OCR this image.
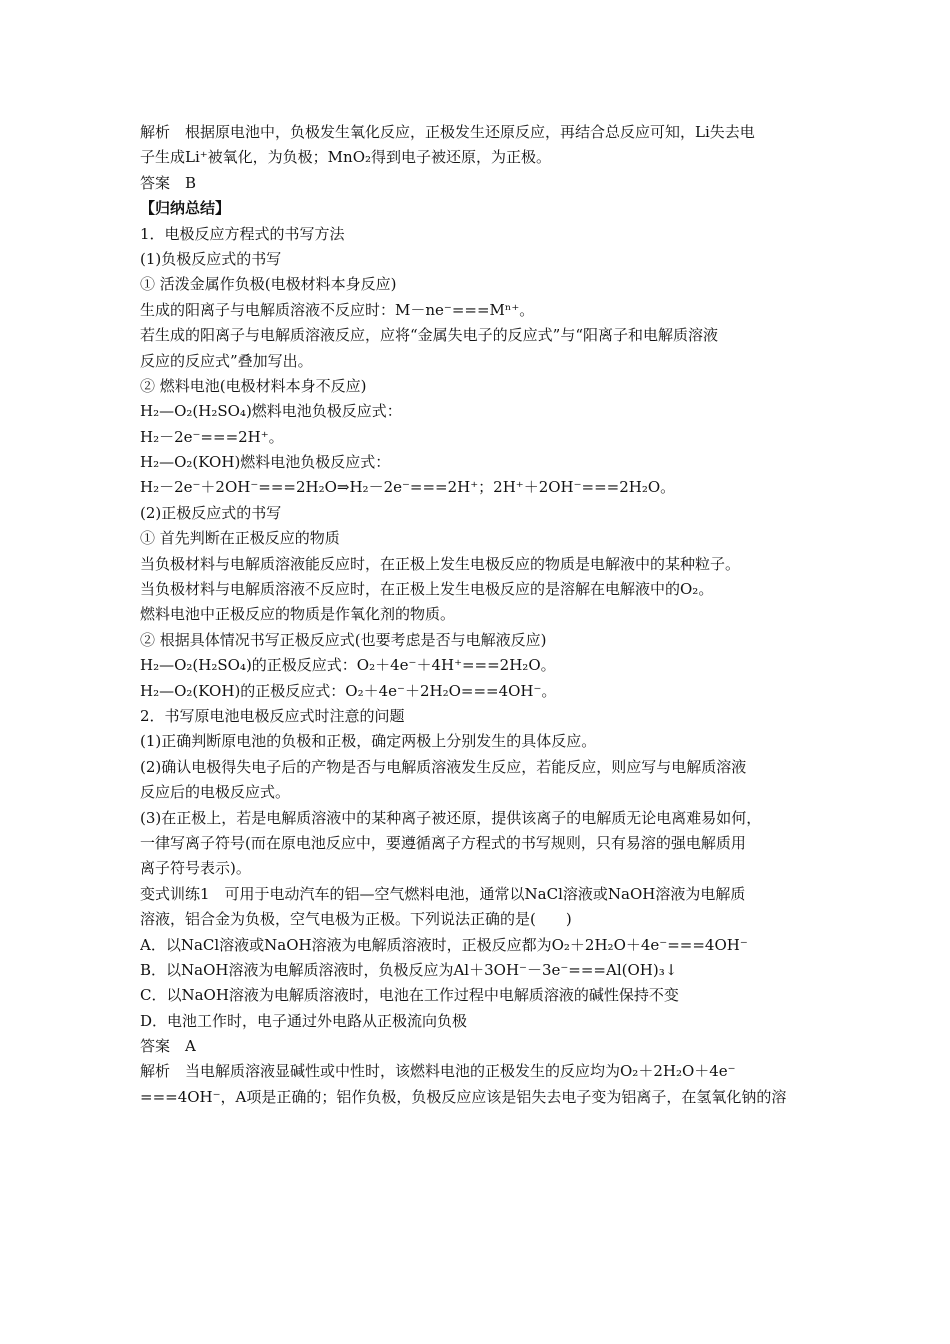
解析　根据原电池中，负极发生氧化反应，正极发生还原反应，再结合总反应可知，Li失去电
子生成Li⁺被氧化，为负极；MnO₂得到电子被还原，为正极。
答案　B
【归纳总结】
1．电极反应方程式的书写方法
(1)负极反应式的书写
① 活泼金属作负极(电极材料本身反应)
生成的阳离子与电解质溶液不反应时：M－ne⁻===Mⁿ⁺。
若生成的阳离子与电解质溶液反应，应将“金属失电子的反应式”与“阳离子和电解质溶液
反应的反应式”叠加写出。
② 燃料电池(电极材料本身不反应)
H₂—O₂(H₂SO₄)燃料电池负极反应式：
H₂－2e⁻===2H⁺。
H₂—O₂(KOH)燃料电池负极反应式：
H₂－2e⁻＋2OH⁻===2H₂O⇒H₂－2e⁻===2H⁺；2H⁺＋2OH⁻===2H₂O。
(2)正极反应式的书写
① 首先判断在正极反应的物质
当负极材料与电解质溶液能反应时，在正极上发生电极反应的物质是电解液中的某种粒子。
当负极材料与电解质溶液不反应时，在正极上发生电极反应的是溶解在电解液中的O₂。
燃料电池中正极反应的物质是作氧化剂的物质。
② 根据具体情况书写正极反应式(也要考虑是否与电解液反应)
H₂—O₂(H₂SO₄)的正极反应式：O₂＋4e⁻＋4H⁺===2H₂O。
H₂—O₂(KOH)的正极反应式：O₂＋4e⁻＋2H₂O===4OH⁻。
2．书写原电池电极反应式时注意的问题
(1)正确判断原电池的负极和正极，确定两极上分别发生的具体反应。
(2)确认电极得失电子后的产物是否与电解质溶液发生反应，若能反应，则应写与电解质溶液
反应后的电极反应式。
(3)在正极上，若是电解质溶液中的某种离子被还原，提供该离子的电解质无论电离难易如何，
一律写离子符号(而在原电池反应中，要遵循离子方程式的书写规则，只有易溶的强电解质用
离子符号表示)。
变式训练1　可用于电动汽车的铝—空气燃料电池，通常以NaCl溶液或NaOH溶液为电解质
溶液，铝合金为负极，空气电极为正极。下列说法正确的是(　　)
A．以NaCl溶液或NaOH溶液为电解质溶液时，正极反应都为O₂＋2H₂O＋4e⁻===4OH⁻
B．以NaOH溶液为电解质溶液时，负极反应为Al＋3OH⁻－3e⁻===Al(OH)₃↓
C．以NaOH溶液为电解质溶液时，电池在工作过程中电解质溶液的碱性保持不变
D．电池工作时，电子通过外电路从正极流向负极
答案　A
解析　当电解质溶液显碱性或中性时，该燃料电池的正极发生的反应均为O₂＋2H₂O＋4e⁻
===4OH⁻，A项是正确的；铝作负极，负极反应应该是铝失去电子变为铝离子，在氢氧化钠的溶
